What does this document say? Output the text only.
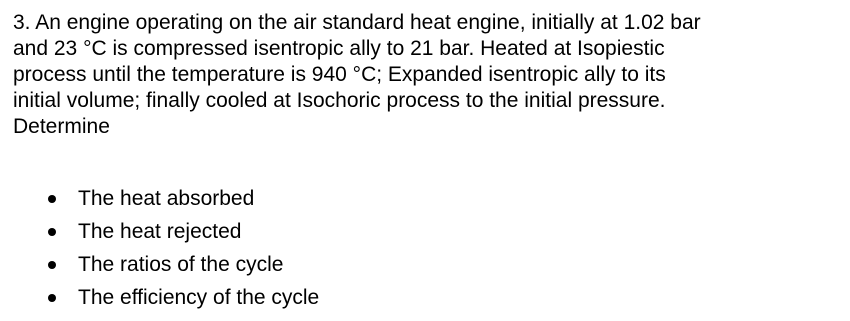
3. An engine operating on the air standard heat engine, initially at 1.02 bar

and 23 °C is compressed isentropic ally to 21 bar. Heated at Isopiestic

process until the temperature is 940 °C; Expanded isentropic ally to its

initial volume; finally cooled at Isochoric process to the initial pressure.

Determine

The heat absorbed
The heat rejected
The ratios of the cycle
The efficiency of the cycle
